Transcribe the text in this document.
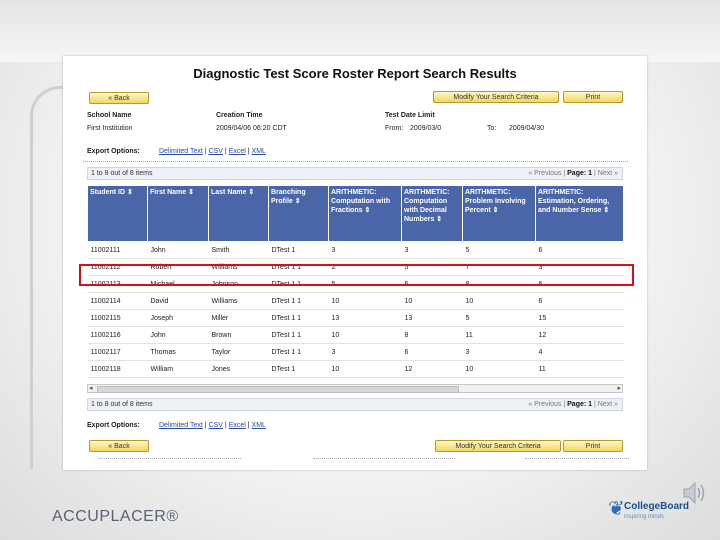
Diagnostic Test Score Roster Report Search Results
« Back	Modify Your Search Criteria	Print
School Name
First Institution
Creation Time
2009/04/06 06:20 CDT
Test Date Limit
From: 2009/03/0	To: 2009/04/30
Export Options:	Delimited Text | CSV | Excel | XML
1 to 8 out of 8 items	« Previous | Page: 1 | Next »
Student ID ⇕	First Name ⇕	Last Name ⇕	Branching Profile ⇕	ARITHMETIC: Computation with Fractions ⇕	ARITHMETIC: Computation with Decimal Numbers ⇕	ARITHMETIC: Problem Involving Percent ⇕	ARITHMETIC: Estimation, Ordering, and Number Sense ⇕
11002111	John	Smith	DTest 1	3	3	5	6
11002112	Robert	Williams	DTest 1 1	2	5	7	3
11002113	Michael	Johnson	DTest 1 1	5	6	8	6
11002114	David	Williams	DTest 1 1	10	10	10	6
11002115	Joseph	Miller	DTest 1 1	13	13	5	15
11002116	John	Brown	DTest 1 1	10	8	11	12
11002117	Thomas	Taylor	DTest 1 1	3	6	3	4
11002118	William	Jones	DTest 1	10	12	10	11
◂	▸
1 to 8 out of 8 items	« Previous | Page: 1 | Next »
Export Options:	Delimited Text | CSV | Excel | XML
« Back	Modify Your Search Criteria	Print
ACCUPLACER®	❦ CollegeBoard
inspiring minds
